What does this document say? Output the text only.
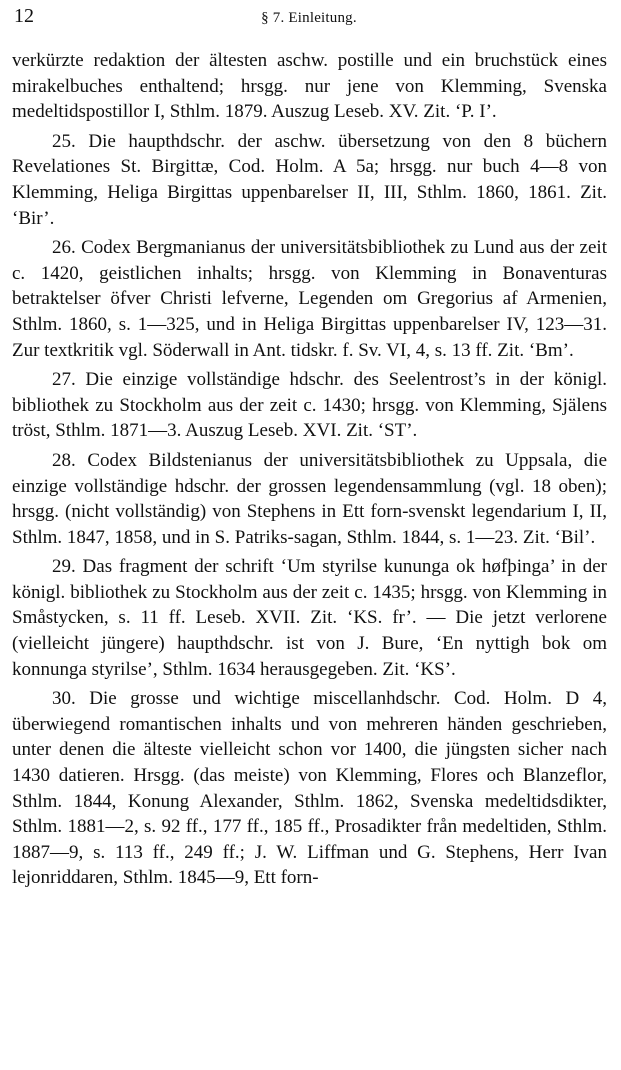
12	§ 7. Einleitung.

verkürzte redaktion der ältesten aschw. postille und ein bruchstück eines mirakelbuches enthaltend; hrsgg. nur jene von Klemming, Svenska medeltidspostillor I, Sthlm. 1879. Auszug Leseb. XV. Zit. ‘P. I’.

25. Die haupthdschr. der aschw. übersetzung von den 8 büchern Revelationes St. Birgittæ, Cod. Holm. A 5a; hrsgg. nur buch 4—8 von Klemming, Heliga Birgittas uppenbarelser II, III, Sthlm. 1860, 1861. Zit. ‘Bir’.

26. Codex Bergmanianus der universitätsbibliothek zu Lund aus der zeit c. 1420, geistlichen inhalts; hrsgg. von Klemming in Bonaventuras betraktelser öfver Christi lefverne, Legenden om Gregorius af Armenien, Sthlm. 1860, s. 1—325, und in Heliga Birgittas uppenbarelser IV, 123—31. Zur textkritik vgl. Söderwall in Ant. tidskr. f. Sv. VI, 4, s. 13 ff. Zit. ‘Bm’.

27. Die einzige vollständige hdschr. des Seelentrost’s in der königl. bibliothek zu Stockholm aus der zeit c. 1430; hrsgg. von Klemming, Själens tröst, Sthlm. 1871—3. Auszug Leseb. XVI. Zit. ‘ST’.

28. Codex Bildstenianus der universitätsbibliothek zu Uppsala, die einzige vollständige hdschr. der grossen legendensammlung (vgl. 18 oben); hrsgg. (nicht vollständig) von Stephens in Ett forn-svenskt legendarium I, II, Sthlm. 1847, 1858, und in S. Patriks-sagan, Sthlm. 1844, s. 1—23. Zit. ‘Bil’.

29. Das fragment der schrift ‘Um styrilse kununga ok høfþinga’ in der königl. bibliothek zu Stockholm aus der zeit c. 1435; hrsgg. von Klemming in Småstycken, s. 11 ff. Leseb. XVII. Zit. ‘KS. fr’. — Die jetzt verlorene (vielleicht jüngere) haupthdschr. ist von J. Bure, ‘En nyttigh bok om konnunga styrilse’, Sthlm. 1634 herausgegeben. Zit. ‘KS’.

30. Die grosse und wichtige miscellanhdschr. Cod. Holm. D 4, überwiegend romantischen inhalts und von mehreren händen geschrieben, unter denen die älteste vielleicht schon vor 1400, die jüngsten sicher nach 1430 datieren. Hrsgg. (das meiste) von Klemming, Flores och Blanzeflor, Sthlm. 1844, Konung Alexander, Sthlm. 1862, Svenska medeltidsdikter, Sthlm. 1881—2, s. 92 ff., 177 ff., 185 ff., Prosadikter från medeltiden, Sthlm. 1887—9, s. 113 ff., 249 ff.; J. W. Liffman und G. Stephens, Herr Ivan lejonriddaren, Sthlm. 1845—9, Ett forn-
